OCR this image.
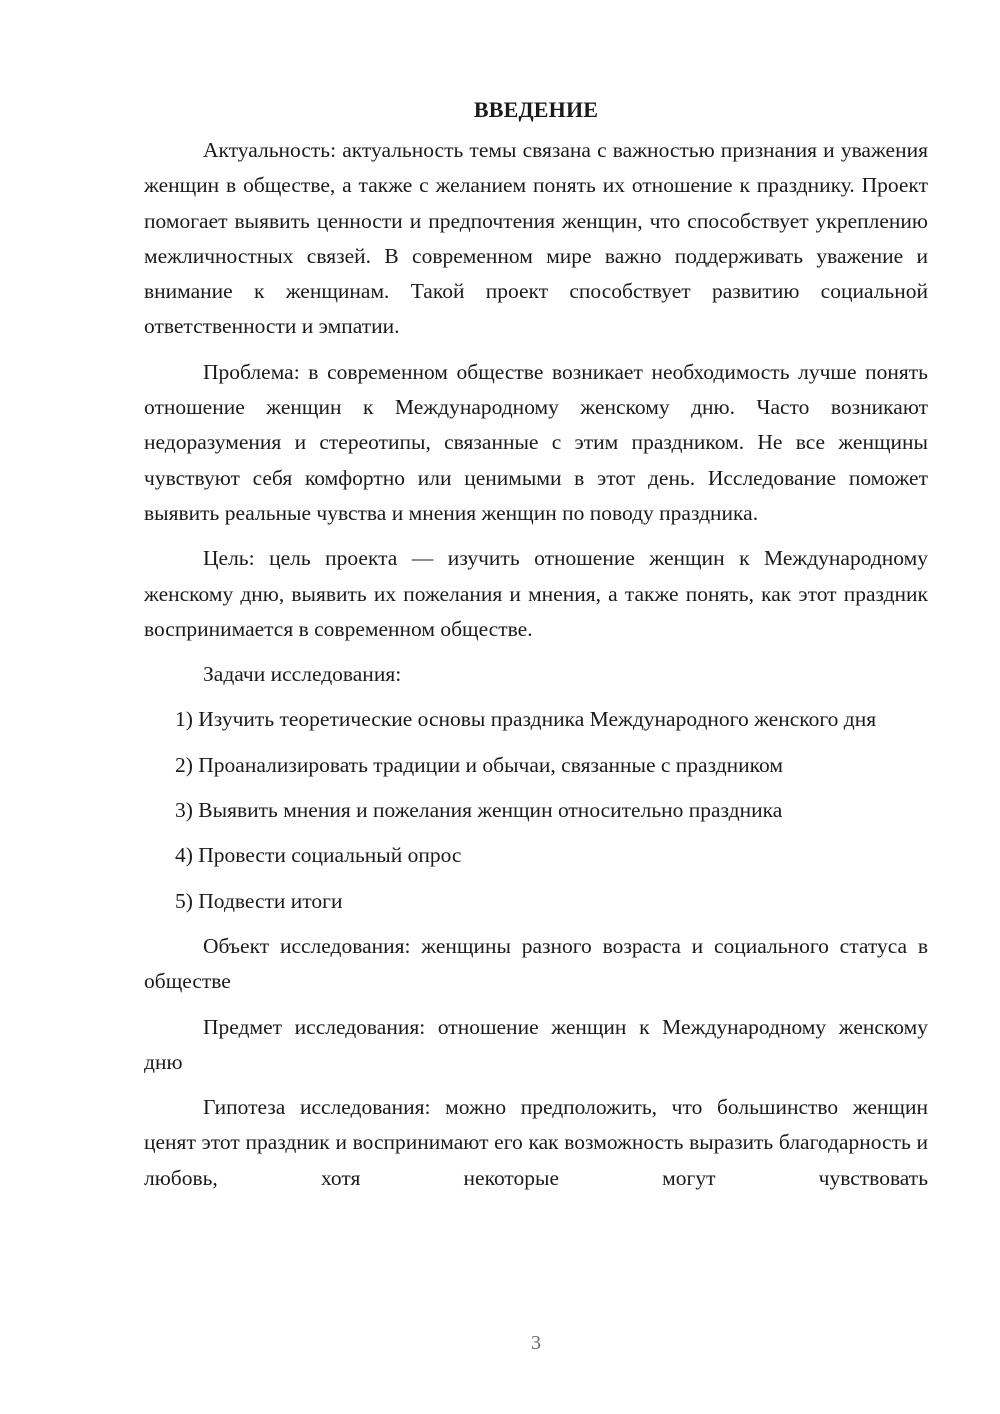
ВВЕДЕНИЕ

Актуальность: актуальность темы связана с важностью признания и уважения женщин в обществе, а также с желанием понять их отношение к празднику. Проект помогает выявить ценности и предпочтения женщин, что способствует укреплению межличностных связей. В современном мире важно поддерживать уважение и внимание к женщинам. Такой проект способствует развитию социальной ответственности и эмпатии.

Проблема: в современном обществе возникает необходимость лучше понять отношение женщин к Международному женскому дню. Часто возникают недоразумения и стереотипы, связанные с этим праздником. Не все женщины чувствуют себя комфортно или ценимыми в этот день. Исследование поможет выявить реальные чувства и мнения женщин по поводу праздника.

Цель: цель проекта — изучить отношение женщин к Международному женскому дню, выявить их пожелания и мнения, а также понять, как этот праздник воспринимается в современном обществе.

Задачи исследования:

1) Изучить теоретические основы праздника Международного женского дня

2) Проанализировать традиции и обычаи, связанные с праздником

3) Выявить мнения и пожелания женщин относительно праздника

4) Провести социальный опрос

5) Подвести итоги

Объект исследования: женщины разного возраста и социального статуса в обществе

Предмет исследования: отношение женщин к Международному женскому дню

Гипотеза исследования: можно предположить, что большинство женщин ценят этот праздник и воспринимают его как возможность выразить благодарность и любовь, хотя некоторые могут чувствовать

3
